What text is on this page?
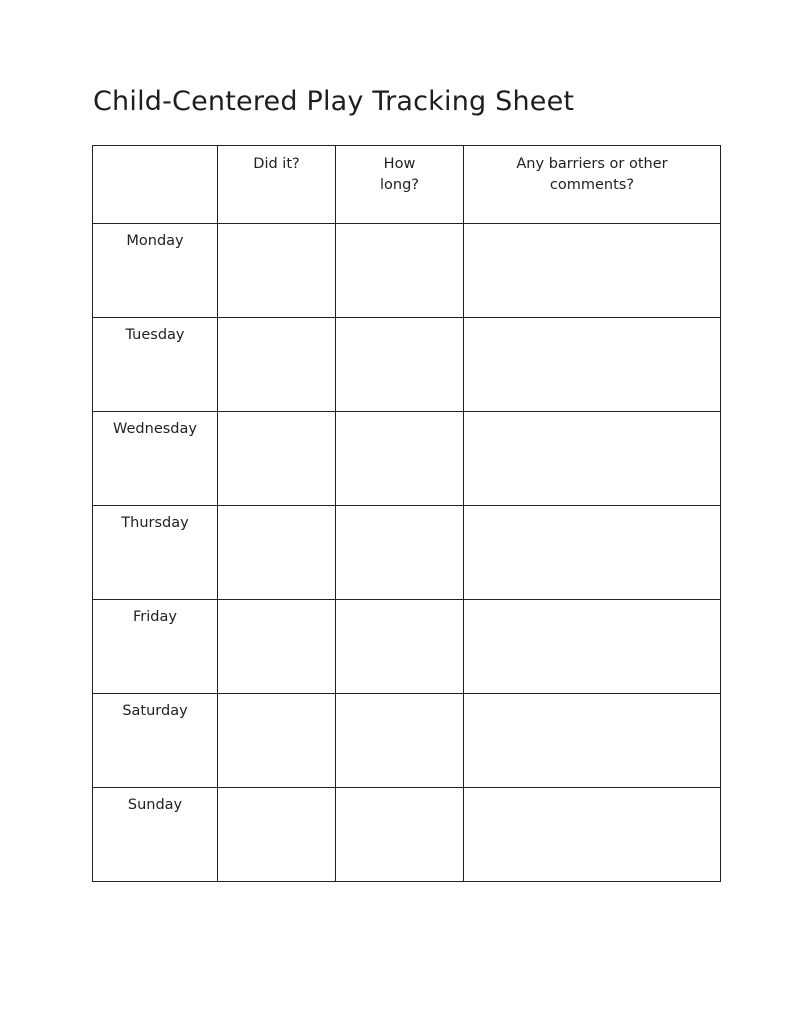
Child-Centered Play Tracking Sheet

	Did it?	How long?	Any barriers or other comments?

Monday			

Tuesday			

Wednesday			

Thursday			

Friday			

Saturday			

Sunday			
